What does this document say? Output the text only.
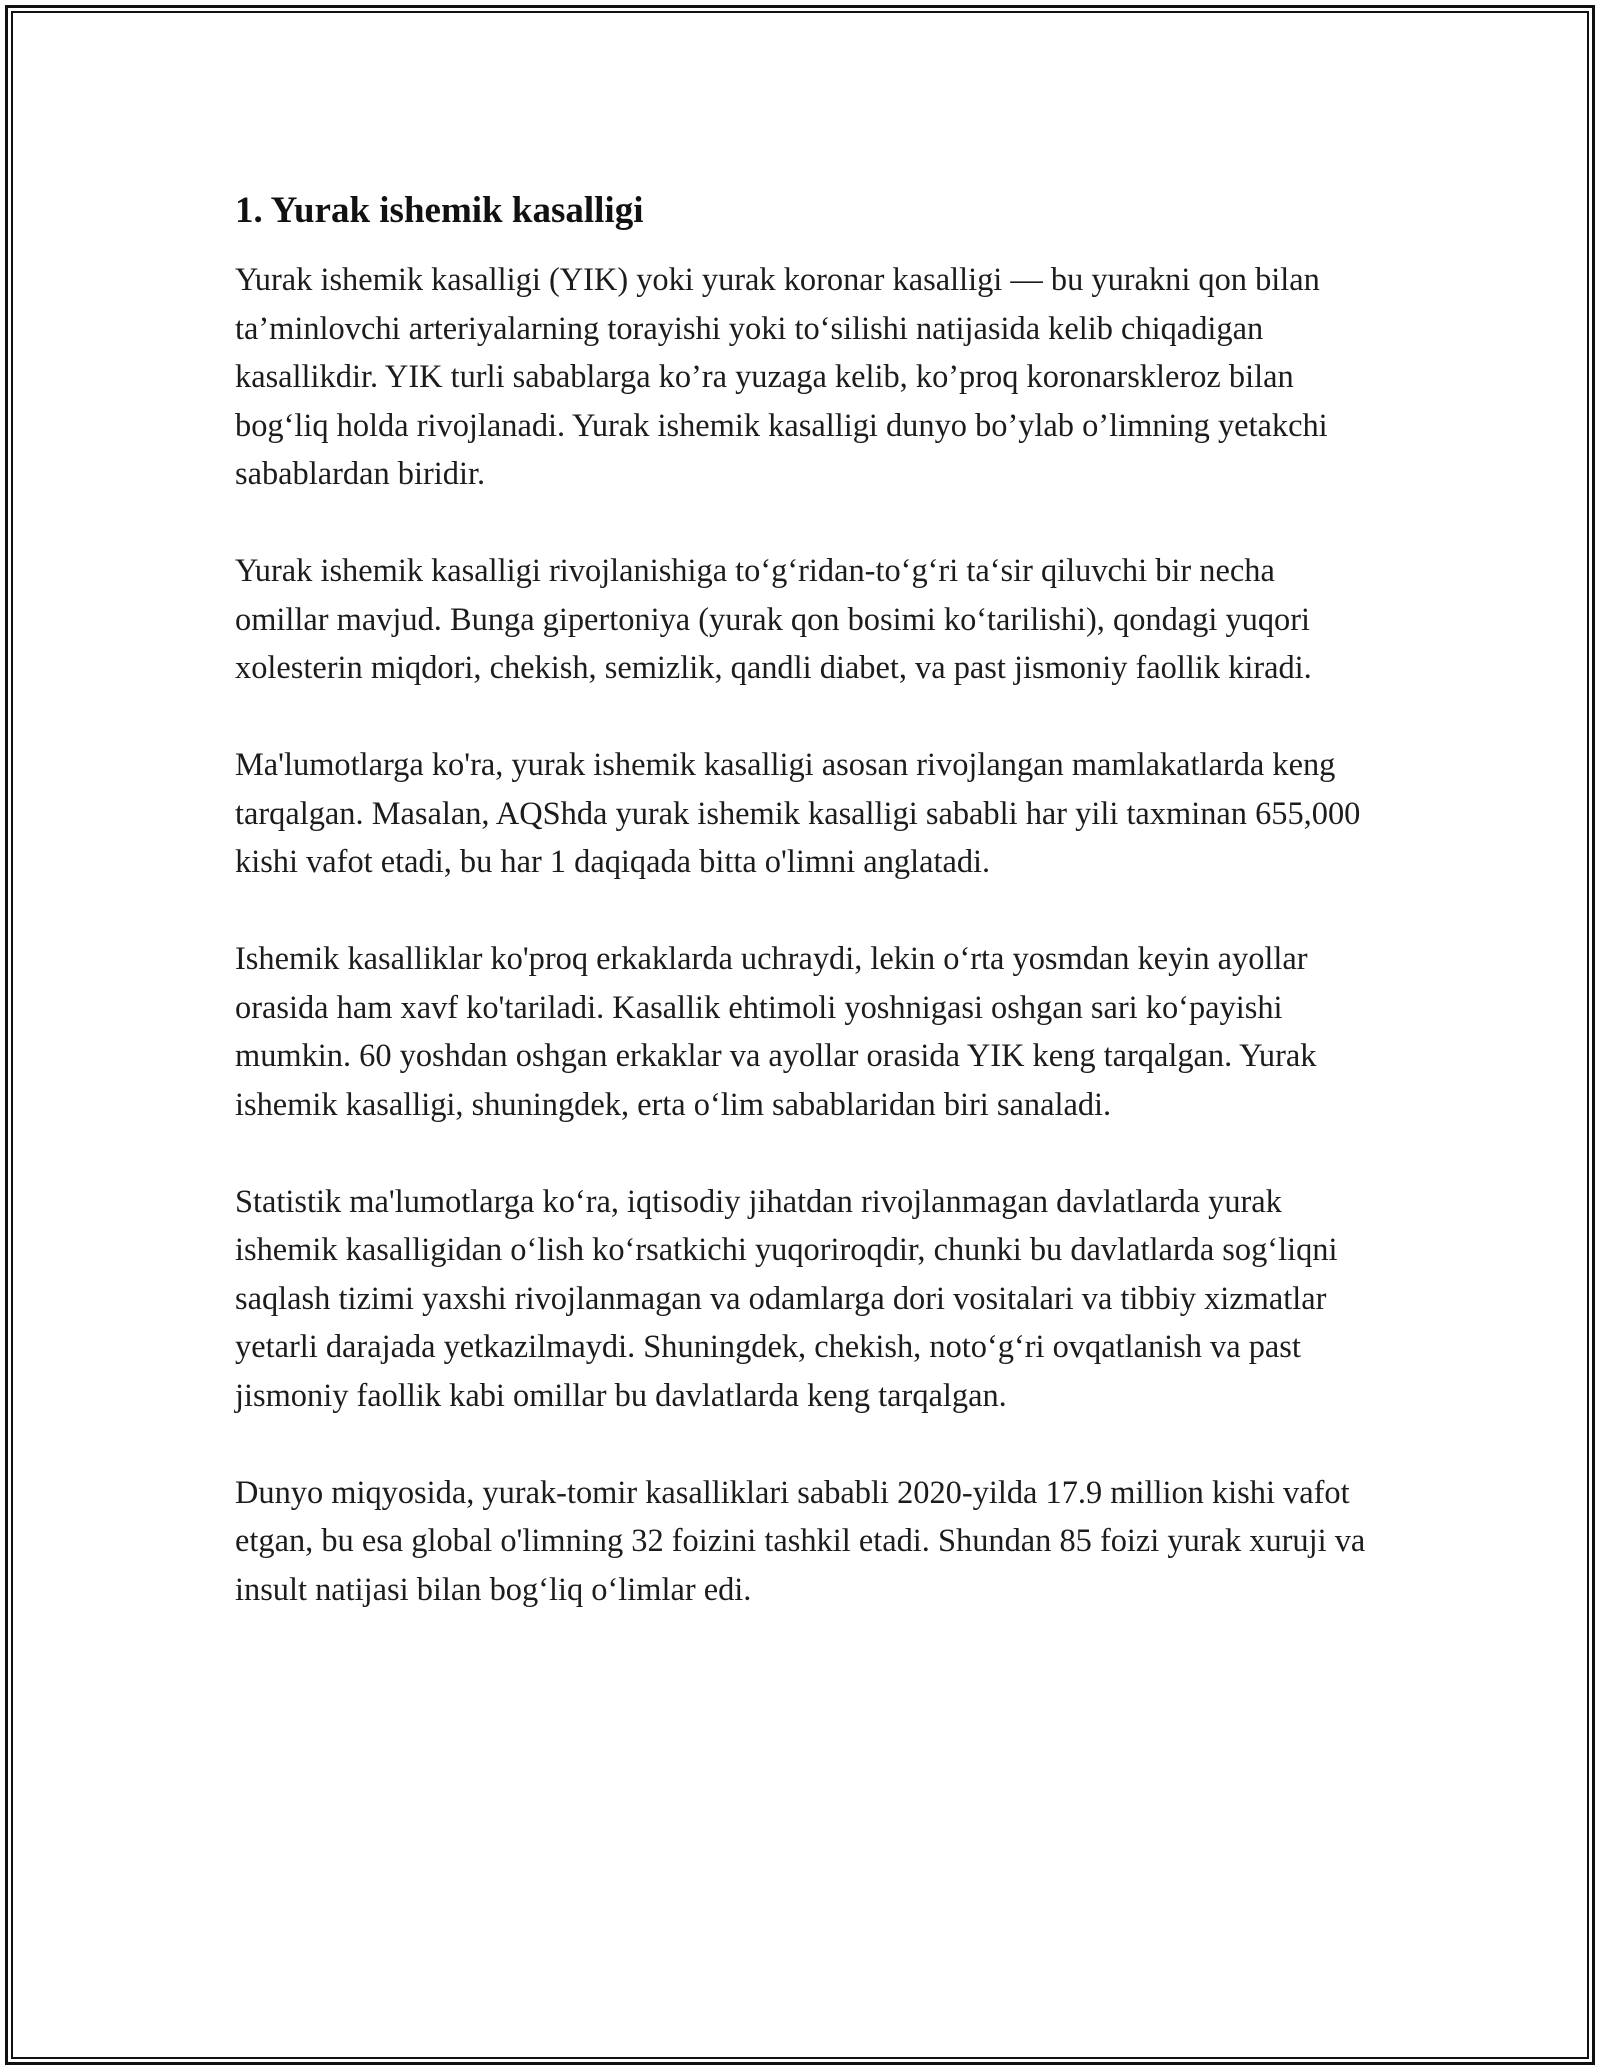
1. Yurak ishemik kasalligi

Yurak ishemik kasalligi (YIK) yoki yurak koronar kasalligi — bu yurakni qon bilan ta’minlovchi arteriyalarning torayishi yoki to‘silishi natijasida kelib chiqadigan kasallikdir. YIK turli sabablarga ko’ra yuzaga kelib, ko’proq koronarskleroz bilan bog‘liq holda rivojlanadi. Yurak ishemik kasalligi dunyo bo’ylab o’limning yetakchi sabablardan biridir.

Yurak ishemik kasalligi rivojlanishiga to‘g‘ridan-to‘g‘ri ta‘sir qiluvchi bir necha omillar mavjud. Bunga gipertoniya (yurak qon bosimi ko‘tarilishi), qondagi yuqori xolesterin miqdori, chekish, semizlik, qandli diabet, va past jismoniy faollik kiradi.

Ma'lumotlarga ko'ra, yurak ishemik kasalligi asosan rivojlangan mamlakatlarda keng tarqalgan. Masalan, AQShda yurak ishemik kasalligi sababli har yili taxminan 655,000 kishi vafot etadi, bu har 1 daqiqada bitta o'limni anglatadi.

Ishemik kasalliklar ko'proq erkaklarda uchraydi, lekin o‘rta yosmdan keyin ayollar orasida ham xavf ko'tariladi. Kasallik ehtimoli yoshnigasi oshgan sari ko‘payishi mumkin. 60 yoshdan oshgan erkaklar va ayollar orasida YIK keng tarqalgan. Yurak ishemik kasalligi, shuningdek, erta o‘lim sabablaridan biri sanaladi.

Statistik ma'lumotlarga ko‘ra, iqtisodiy jihatdan rivojlanmagan davlatlarda yurak ishemik kasalligidan o‘lish ko‘rsatkichi yuqoriroqdir, chunki bu davlatlarda sog‘liqni saqlash tizimi yaxshi rivojlanmagan va odamlarga dori vositalari va tibbiy xizmatlar yetarli darajada yetkazilmaydi. Shuningdek, chekish, noto‘g‘ri ovqatlanish va past jismoniy faollik kabi omillar bu davlatlarda keng tarqalgan.

Dunyo miqyosida, yurak-tomir kasalliklari sababli 2020-yilda 17.9 million kishi vafot etgan, bu esa global o'limning 32 foizini tashkil etadi. Shundan 85 foizi yurak xuruji va insult natijasi bilan bog‘liq o‘limlar edi.
